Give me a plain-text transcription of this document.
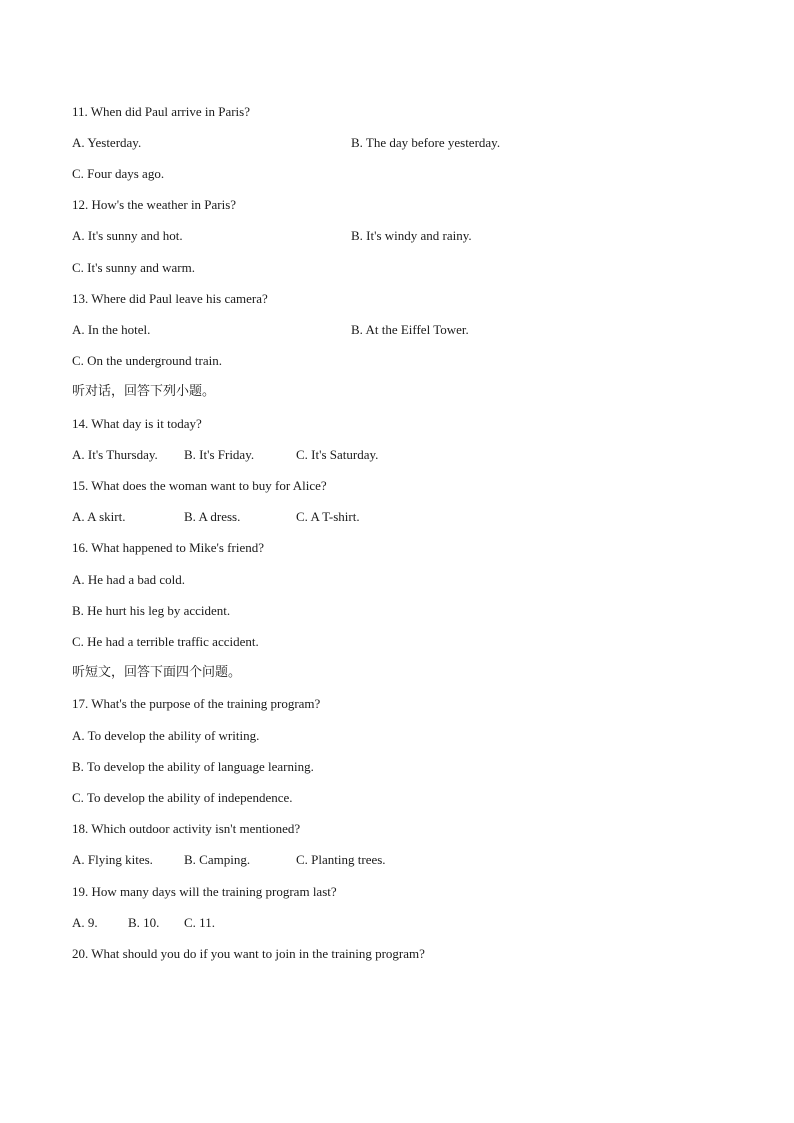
11. When did Paul arrive in Paris?
A. Yesterday.	B. The day before yesterday.
C. Four days ago.
12. How's the weather in Paris?
A. It's sunny and hot.	B. It's windy and rainy.
C. It's sunny and warm.
13. Where did Paul leave his camera?
A. In the hotel.	B. At the Eiffel Tower.
C. On the underground train.
听对话，回答下列小题。
14. What day is it today?
A. It's Thursday. B. It's Friday.	C. It's Saturday.
15. What does the woman want to buy for Alice?
A. A skirt.	B. A dress.	C. A T-shirt.
16. What happened to Mike's friend?
A. He had a bad cold.
B. He hurt his leg by accident.
C. He had a terrible traffic accident.
听短文，回答下面四个问题。
17. What's the purpose of the training program?
A. To develop the ability of writing.
B. To develop the ability of language learning.
C. To develop the ability of independence.
18. Which outdoor activity isn't mentioned?
A. Flying kites. B. Camping.	C. Planting trees.
19. How many days will the training program last?
A. 9. B. 10. C. 11.
20. What should you do if you want to join in the training program?
